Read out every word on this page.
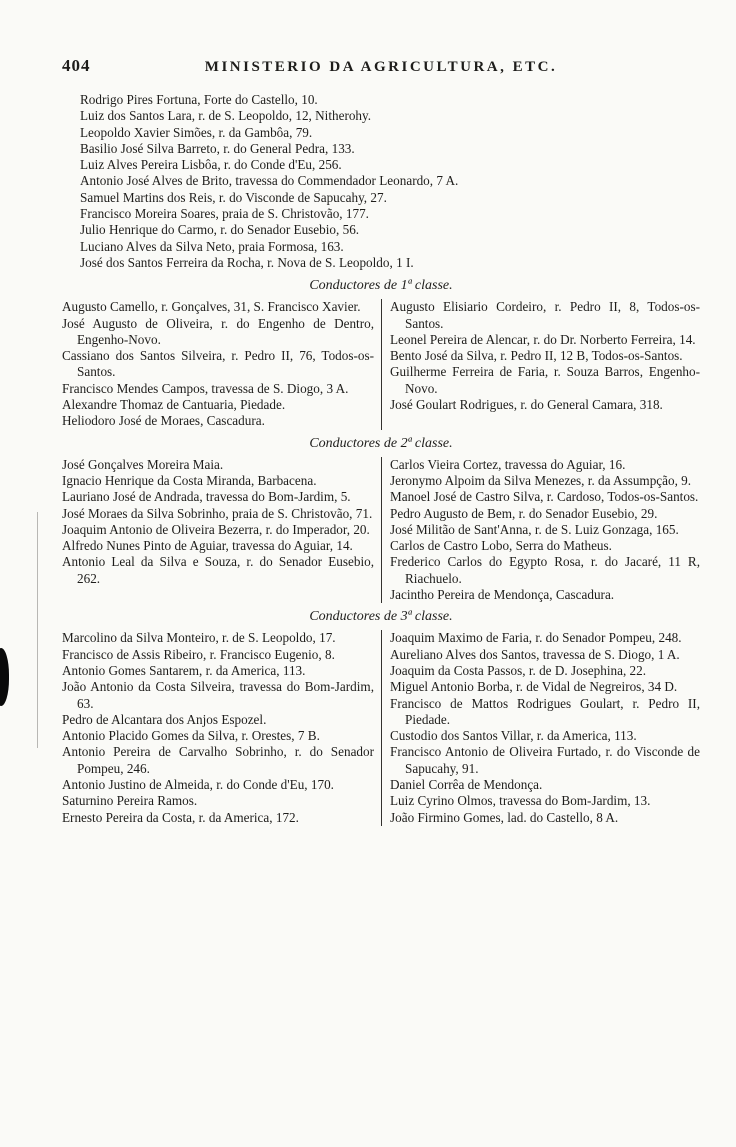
404	MINISTERIO DA AGRICULTURA, ETC.
Rodrigo Pires Fortuna, Forte do Castello, 10.
Luiz dos Santos Lara, r. de S. Leopoldo, 12, Nitherohy.
Leopoldo Xavier Simões, r. da Gambôa, 79.
Basilio José Silva Barreto, r. do General Pedra, 133.
Luiz Alves Pereira Lisbôa, r. do Conde d'Eu, 256.
Antonio José Alves de Brito, travessa do Commendador Leonardo, 7 A.
Samuel Martins dos Reis, r. do Visconde de Sapucahy, 27.
Francisco Moreira Soares, praia de S. Christovão, 177.
Julio Henrique do Carmo, r. do Senador Eusebio, 56.
Luciano Alves da Silva Neto, praia Formosa, 163.
José dos Santos Ferreira da Rocha, r. Nova de S. Leopoldo, 1 I.
Conductores de 1ª classe.
Augusto Camello, r. Gonçalves, 31, S. Francisco Xavier.
José Augusto de Oliveira, r. do Engenho de Dentro, Engenho-Novo.
Cassiano dos Santos Silveira, r. Pedro II, 76, Todos-os-Santos.
Francisco Mendes Campos, travessa de S. Diogo, 3 A.
Alexandre Thomaz de Cantuaria, Piedade.
Heliodoro José de Moraes, Cascadura.
Augusto Elisiario Cordeiro, r. Pedro II, 8, Todos-os-Santos.
Leonel Pereira de Alencar, r. do Dr. Norberto Ferreira, 14.
Bento José da Silva, r. Pedro II, 12 B, Todos-os-Santos.
Guilherme Ferreira de Faria, r. Souza Barros, Engenho-Novo.
José Goulart Rodrigues, r. do General Camara, 318.
Conductores de 2ª classe.
José Gonçalves Moreira Maia.
Ignacio Henrique da Costa Miranda, Barbacena.
Lauriano José de Andrada, travessa do Bom-Jardim, 5.
José Moraes da Silva Sobrinho, praia de S. Christovão, 71.
Joaquim Antonio de Oliveira Bezerra, r. do Imperador, 20.
Alfredo Nunes Pinto de Aguiar, travessa do Aguiar, 14.
Antonio Leal da Silva e Souza, r. do Senador Eusebio, 262.
Carlos Vieira Cortez, travessa do Aguiar, 16.
Jeronymo Alpoim da Silva Menezes, r. da Assumpção, 9.
Manoel José de Castro Silva, r. Cardoso, Todos-os-Santos.
Pedro Augusto de Bem, r. do Senador Eusebio, 29.
José Militão de Sant'Anna, r. de S. Luiz Gonzaga, 165.
Carlos de Castro Lobo, Serra do Matheus.
Frederico Carlos do Egypto Rosa, r. do Jacaré, 11 R, Riachuelo.
Jacintho Pereira de Mendonça, Cascadura.
Conductores de 3ª classe.
Marcolino da Silva Monteiro, r. de S. Leopoldo, 17.
Francisco de Assis Ribeiro, r. Francisco Eugenio, 8.
Antonio Gomes Santarem, r. da America, 113.
João Antonio da Costa Silveira, travessa do Bom-Jardim, 63.
Pedro de Alcantara dos Anjos Espozel.
Antonio Placido Gomes da Silva, r. Orestes, 7 B.
Antonio Pereira de Carvalho Sobrinho, r. do Senador Pompeu, 246.
Antonio Justino de Almeida, r. do Conde d'Eu, 170.
Saturnino Pereira Ramos.
Ernesto Pereira da Costa, r. da America, 172.
Joaquim Maximo de Faria, r. do Senador Pompeu, 248.
Aureliano Alves dos Santos, travessa de S. Diogo, 1 A.
Joaquim da Costa Passos, r. de D. Josephina, 22.
Miguel Antonio Borba, r. de Vidal de Negreiros, 34 D.
Francisco de Mattos Rodrigues Goulart, r. Pedro II, Piedade.
Custodio dos Santos Villar, r. da America, 113.
Francisco Antonio de Oliveira Furtado, r. do Visconde de Sapucahy, 91.
Daniel Corrêa de Mendonça.
Luiz Cyrino Olmos, travessa do Bom-Jardim, 13.
João Firmino Gomes, lad. do Castello, 8 A.
